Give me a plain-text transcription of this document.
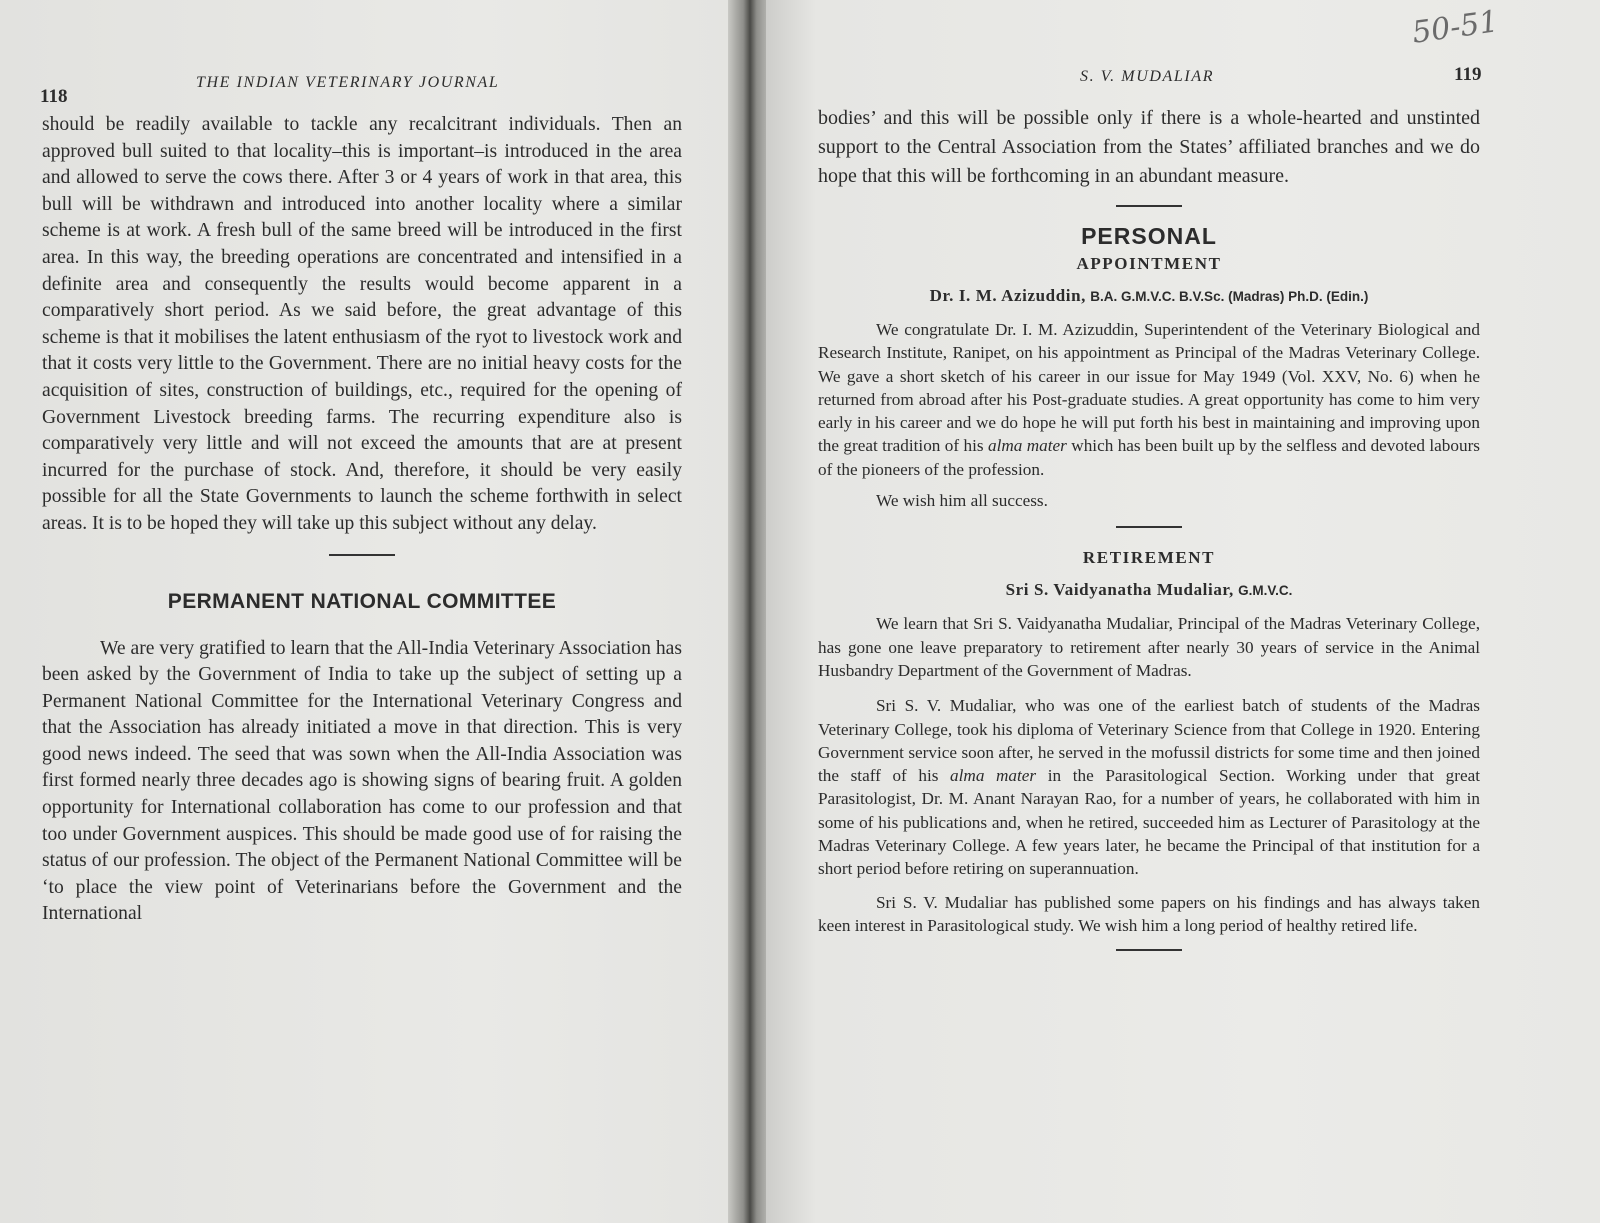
118
THE INDIAN VETERINARY JOURNAL

should be readily available to tackle any recalcitrant individuals. Then an approved bull suited to that locality–this is important–is introduced in the area and allowed to serve the cows there. After 3 or 4 years of work in that area, this bull will be withdrawn and introduced into another locality where a similar scheme is at work. A fresh bull of the same breed will be introduced in the first area. In this way, the breeding operations are concentrated and intensified in a definite area and consequently the results would become apparent in a comparatively short period. As we said before, the great advantage of this scheme is that it mobilises the latent enthusiasm of the ryot to livestock work and that it costs very little to the Government. There are no initial heavy costs for the acquisition of sites, construction of buildings, etc., required for the opening of Government Livestock breeding farms. The recurring expenditure also is comparatively very little and will not exceed the amounts that are at present incurred for the purchase of stock. And, therefore, it should be very easily possible for all the State Governments to launch the scheme forthwith in select areas. It is to be hoped they will take up this subject without any delay.

PERMANENT NATIONAL COMMITTEE

We are very gratified to learn that the All-India Veterinary Association has been asked by the Government of India to take up the subject of setting up a Permanent National Committee for the International Veterinary Congress and that the Association has already initiated a move in that direction. This is very good news indeed. The seed that was sown when the All-India Association was first formed nearly three decades ago is showing signs of bearing fruit. A golden opportunity for International collaboration has come to our profession and that too under Government auspices. This should be made good use of for raising the status of our profession. The object of the Permanent National Committee will be ‘to place the view point of Veterinarians before the Government and the International

S. V. MUDALIAR	119
50-51

bodies’ and this will be possible only if there is a whole-hearted and unstinted support to the Central Association from the States’ affiliated branches and we do hope that this will be forthcoming in an abundant measure.

PERSONAL
APPOINTMENT
Dr. I. M. Azizuddin, B.A. G.M.V.C. B.V.Sc. (Madras) Ph.D. (Edin.)

We congratulate Dr. I. M. Azizuddin, Superintendent of the Veterinary Biological and Research Institute, Ranipet, on his appointment as Principal of the Madras Veterinary College. We gave a short sketch of his career in our issue for May 1949 (Vol. XXV, No. 6) when he returned from abroad after his Post-graduate studies. A great opportunity has come to him very early in his career and we do hope he will put forth his best in maintaining and improving upon the great tradition of his alma mater which has been built up by the selfless and devoted labours of the pioneers of the profession.

We wish him all success.

RETIREMENT
Sri S. Vaidyanatha Mudaliar, G.M.V.C.

We learn that Sri S. Vaidyanatha Mudaliar, Principal of the Madras Veterinary College, has gone one leave preparatory to retirement after nearly 30 years of service in the Animal Husbandry Department of the Government of Madras.

Sri S. V. Mudaliar, who was one of the earliest batch of students of the Madras Veterinary College, took his diploma of Veterinary Science from that College in 1920. Entering Government service soon after, he served in the mofussil districts for some time and then joined the staff of his alma mater in the Parasitological Section. Working under that great Parasitologist, Dr. M. Anant Narayan Rao, for a number of years, he collaborated with him in some of his publications and, when he retired, succeeded him as Lecturer of Parasitology at the Madras Veterinary College. A few years later, he became the Principal of that institution for a short period before retiring on superannuation.

Sri S. V. Mudaliar has published some papers on his findings and has always taken keen interest in Parasitological study. We wish him a long period of healthy retired life.
